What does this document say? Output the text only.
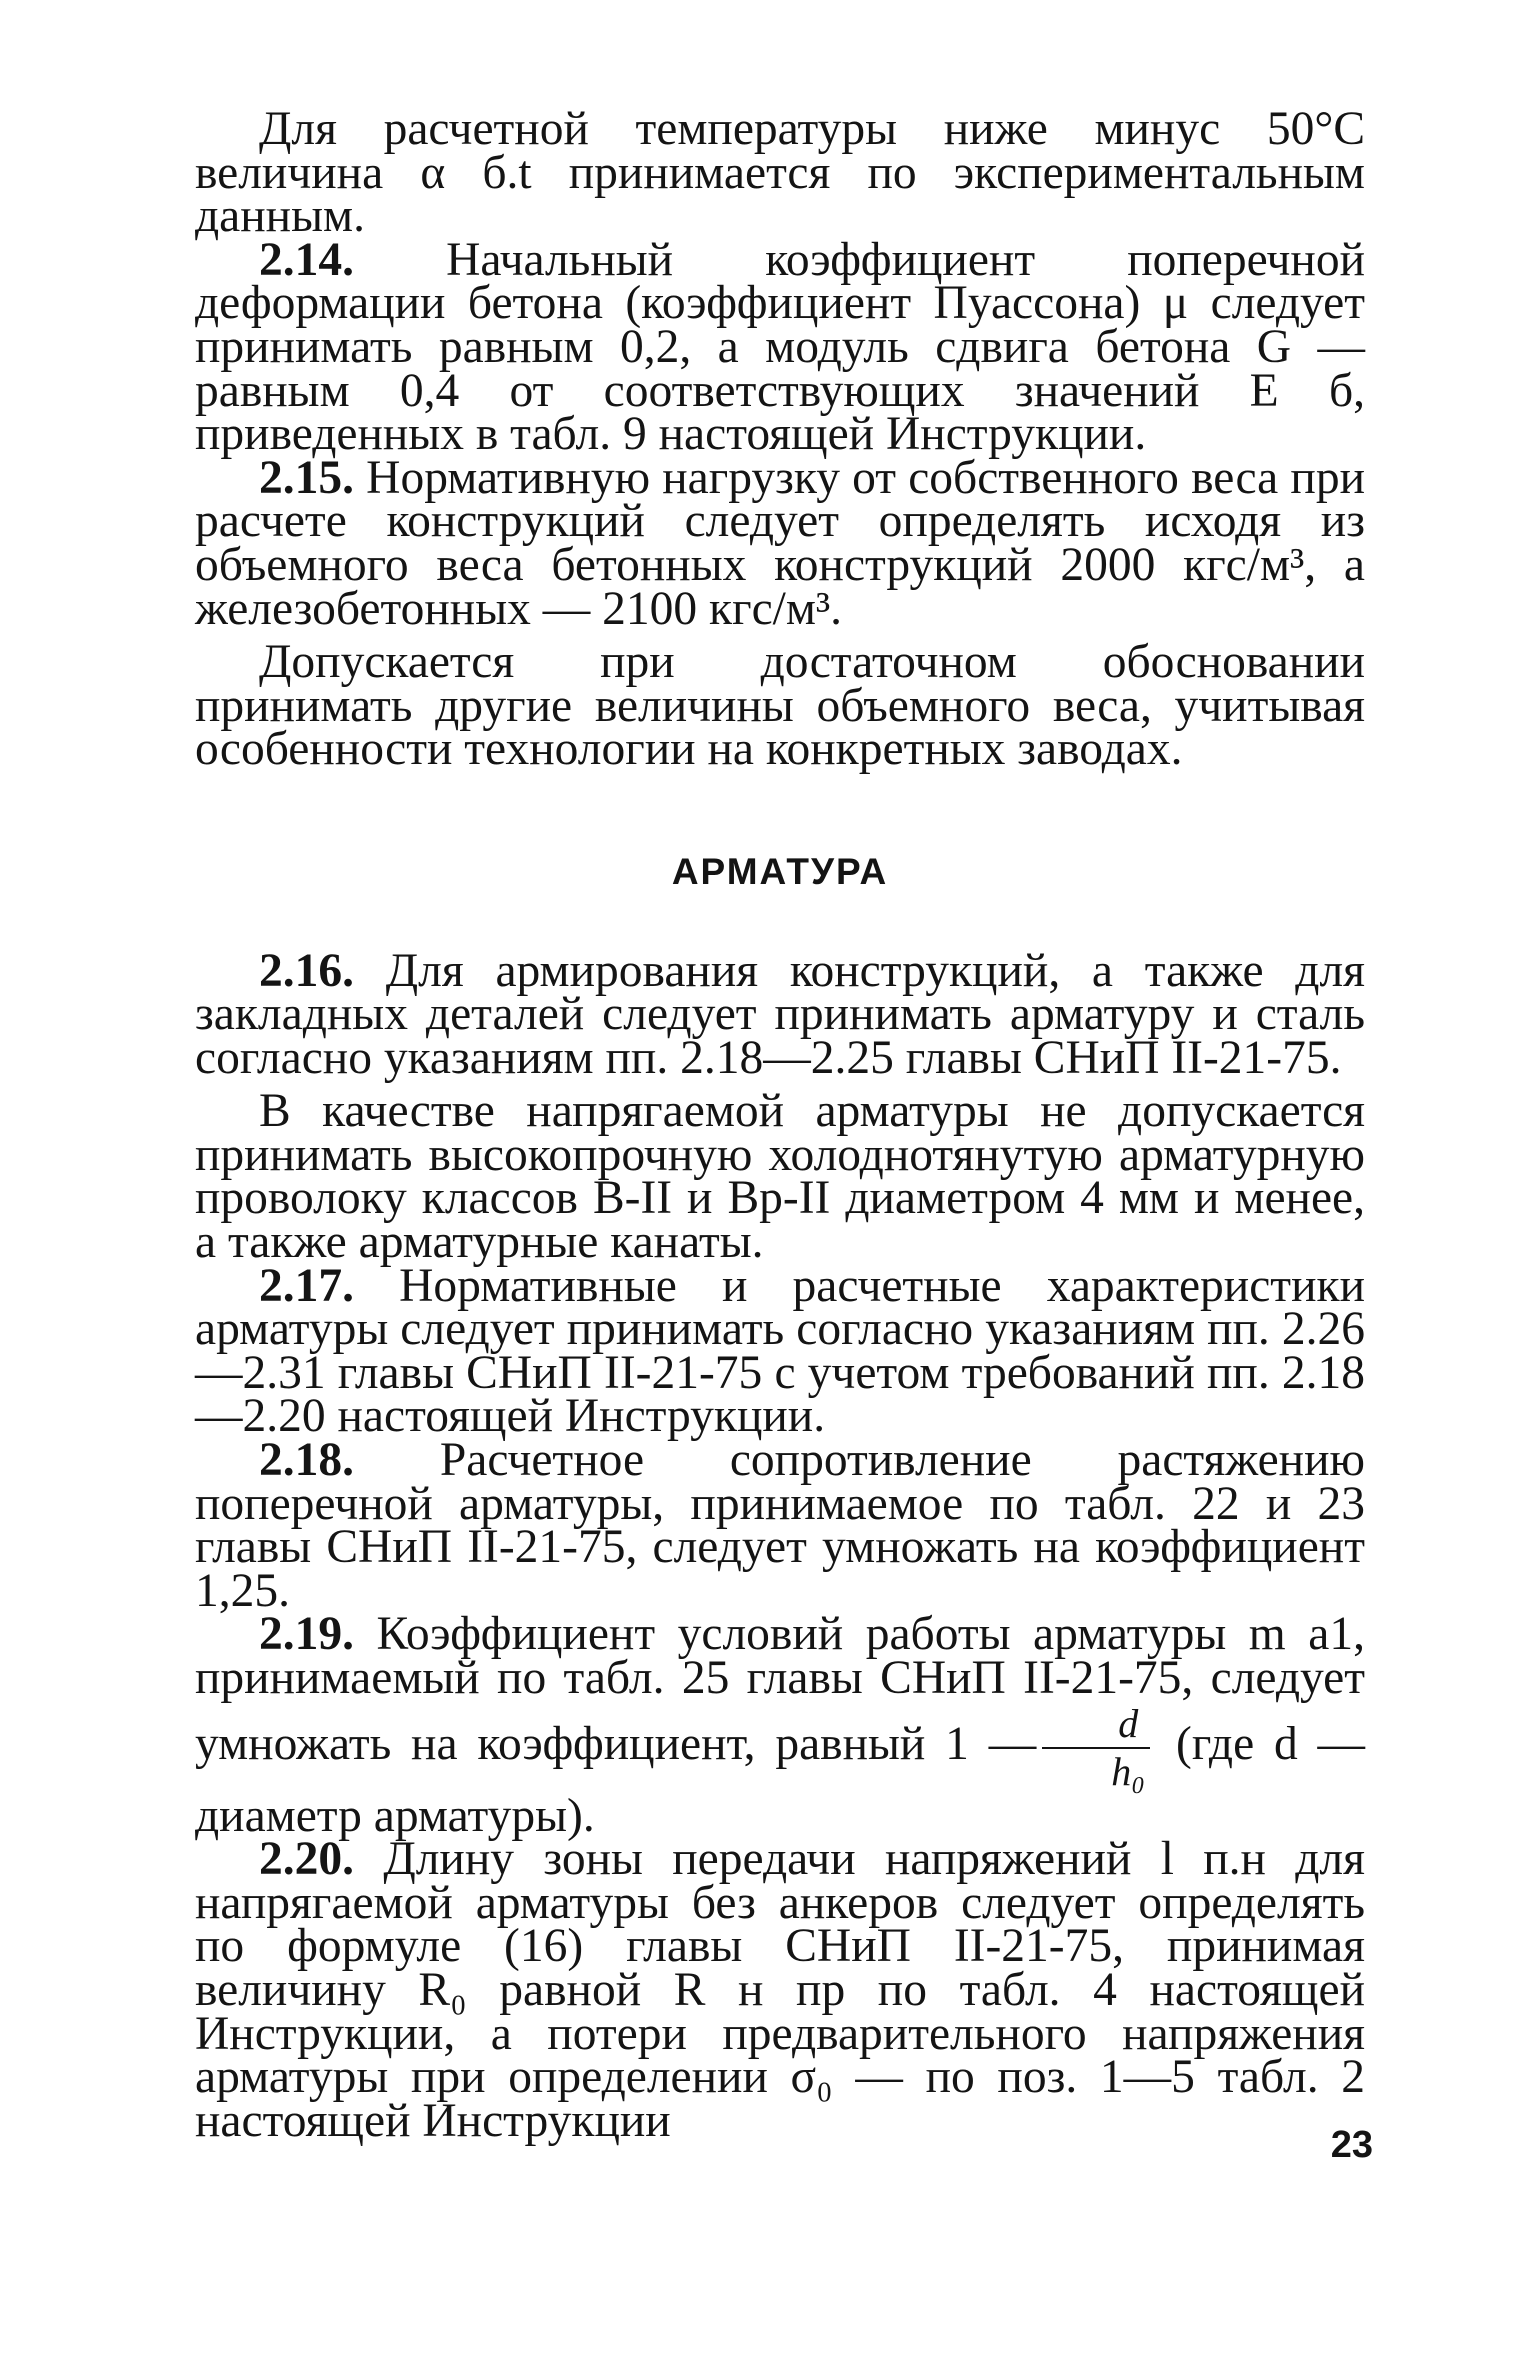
Для расчетной температуры ниже минус 50°С величина α б.t принимается по экспериментальным данным.

2.14. Начальный коэффициент поперечной деформации бетона (коэффициент Пуассона) μ следует принимать равным 0,2, а модуль сдвига бетона G — равным 0,4 от соответствующих значений E б, приведенных в табл. 9 настоящей Инструкции.

2.15. Нормативную нагрузку от собственного веса при расчете конструкций следует определять исходя из объемного веса бетонных конструкций 2000 кгс/м³, а железобетонных — 2100 кгс/м³.

Допускается при достаточном обосновании принимать другие величины объемного веса, учитывая особенности технологии на конкретных заводах.

АРМАТУРА

2.16. Для армирования конструкций, а также для закладных деталей следует принимать арматуру и сталь согласно указаниям пп. 2.18—2.25 главы СНиП II-21-75.

В качестве напрягаемой арматуры не допускается принимать высокопрочную холоднотянутую арматурную проволоку классов B-II и Bp-II диаметром 4 мм и менее, а также арматурные канаты.

2.17. Нормативные и расчетные характеристики арматуры следует принимать согласно указаниям пп. 2.26—2.31 главы СНиП II-21-75 с учетом требований пп. 2.18—2.20 настоящей Инструкции.

2.18. Расчетное сопротивление растяжению поперечной арматуры, принимаемое по табл. 22 и 23 главы СНиП II-21-75, следует умножать на коэффициент 1,25.

2.19. Коэффициент условий работы арматуры m а1, принимаемый по табл. 25 главы СНиП II-21-75, следует умножать на коэффициент, равный 1 — $\frac{d}{\text{h₀}} (где$ d — диаметр арматуры).

2.20. Длину зоны передачи напряжений l п.н для напрягаемой арматуры без анкеров следует определять по формуле (16) главы СНиП II-21-75, принимая величину R₀ равной R н пр по табл. 4 настоящей Инструкции, а потери предварительного напряжения арматуры при определении σ₀ — по поз. 1—5 табл. 2 настоящей Инструкции	23
